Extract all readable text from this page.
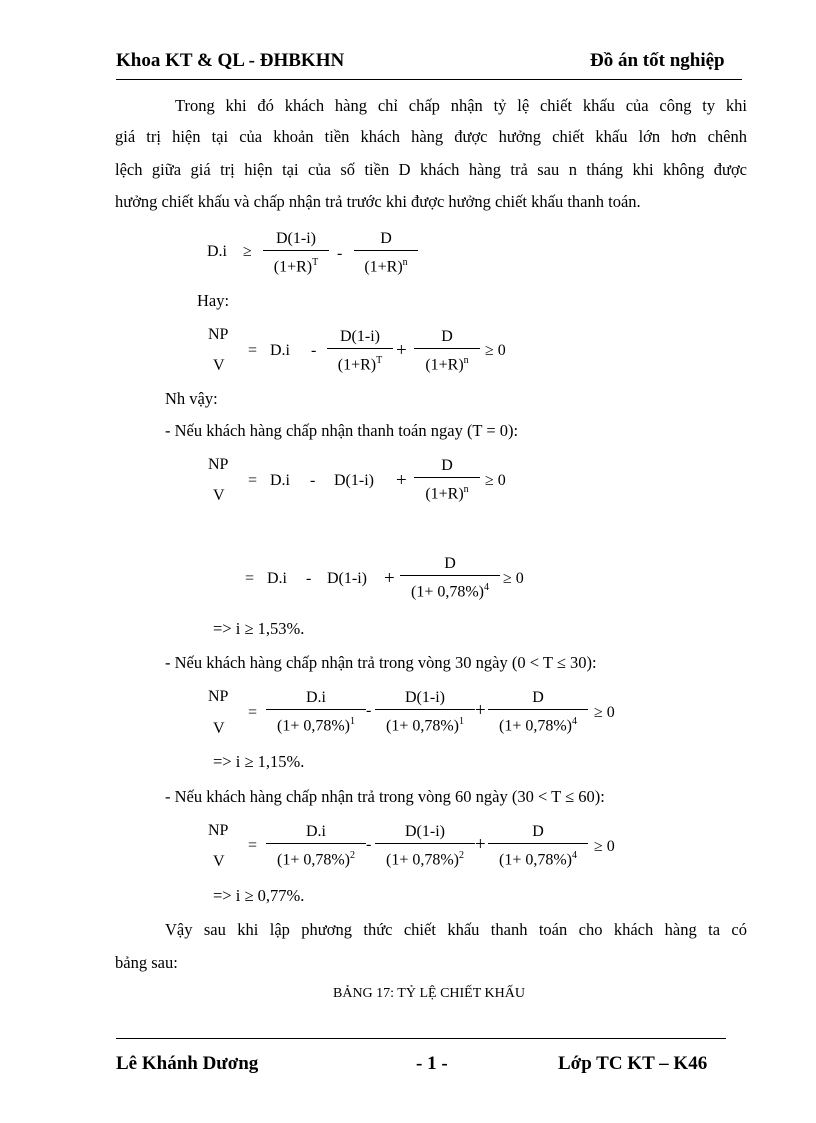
Khoa KT & QL - ĐHBKHN	Đồ án tốt nghiệp
Trong khi đó khách hàng chỉ chấp nhận tỷ lệ chiết khấu của công ty khi
giá trị hiện tại của khoản tiền khách hàng được hưởng chiết khấu lớn hơn chênh
lệch giữa giá trị hiện tại của số tiền D khách hàng trả sau n tháng khi không được
hưởng chiết khấu và chấp nhận trả trước khi được hưởng chiết khấu thanh toán.
D.i ≥
D(1-i)
$(1+R)^T$
-
D
$(1+R)^n$
Hay:
NP
V
= D.i -
D(1-i)
$(1+R)^T$ +
D
$(1+R)^n$
≥ 0
Nh vậy:
- Nếu khách hàng chấp nhận thanh toán ngay (T = 0):
NP
V
= D.i - D(1-i) +
D
$(1+R)^n$
≥ 0
= D.i - D(1-i) +
D
$(1+ 0,78\%)^4$
≥ 0
=> i ≥ 1,53%.
- Nếu khách hàng chấp nhận trả trong vòng 30 ngày (0 < T ≤ 30):
NP
V
=
D.i
$(1+ 0,78\%)^1$
-
D(1-i)
$(1+ 0,78\%)^1$
+
D
$(1+ 0,78\%)^4$
≥ 0
=> i ≥ 1,15%.
- Nếu khách hàng chấp nhận trả trong vòng 60 ngày (30 < T ≤ 60):
NP
V
=
D.i
$(1+ 0,78\%)^2$
-
D(1-i)
$(1+ 0,78\%)^2$
+
D
$(1+ 0,78\%)^4$
≥ 0
=> i ≥ 0,77%.
Vậy sau khi lập phương thức chiết khấu thanh toán cho khách hàng ta có
bảng sau:
BẢNG 17: TỶ LỆ CHIẾT KHẤU
Lê Khánh Dương	- 1 -	Lớp TC KT – K46
